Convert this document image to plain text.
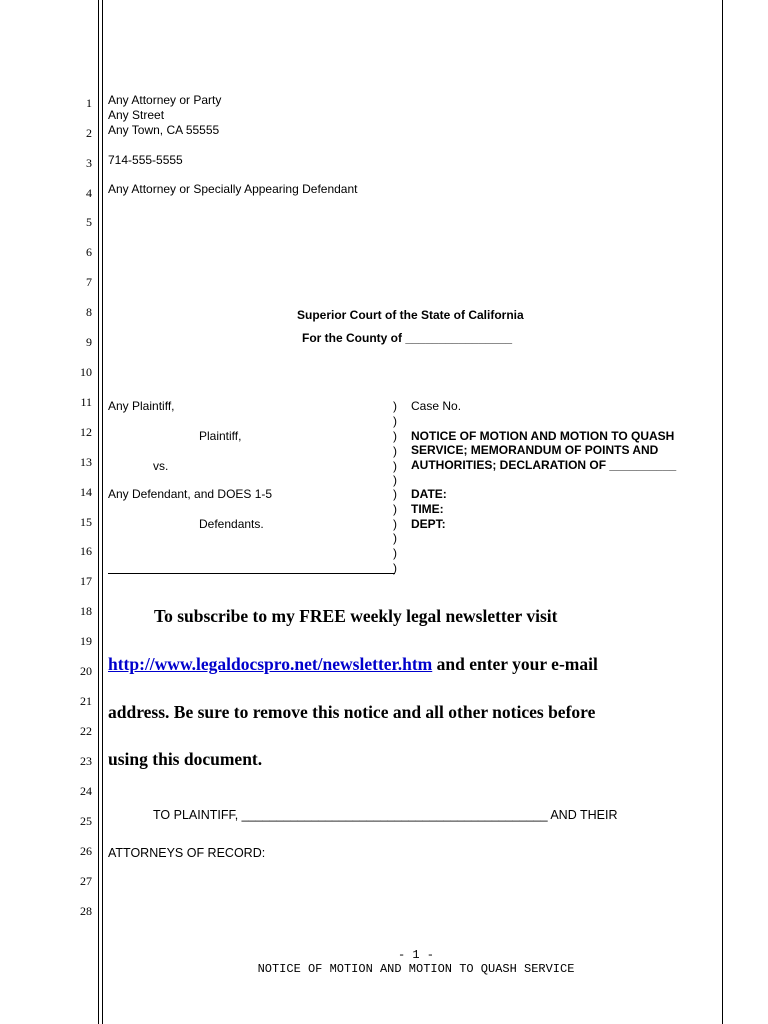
1
2
3
4
5
6
7
8
9
10
11
12
13
14
15
16
17
18
19
20
21
22
23
24
25
26
27
28
Any Attorney or Party
Any Street
Any Town, CA 55555
714-555-5555
Any Attorney or Specially Appearing Defendant
Superior Court of the State of California
For the County of ________________
Any Plaintiff,
Plaintiff,
vs.
Any Defendant, and DOES 1-5
Defendants.
)
)
)
)
)
)
)
)
)
)
)
)
Case No.
NOTICE OF MOTION AND MOTION TO QUASH
SERVICE; MEMORANDUM OF POINTS AND
AUTHORITIES; DECLARATION OF __________
DATE:
TIME:
DEPT:
To subscribe to my FREE weekly legal newsletter visit
http://www.legaldocspro.net/newsletter.htm and enter your e-mail
address. Be sure to remove this notice and all other notices before
using this document.
TO PLAINTIFF, ____________________________________________ AND THEIR
ATTORNEYS OF RECORD:
- 1 -
NOTICE OF MOTION AND MOTION TO QUASH SERVICE
